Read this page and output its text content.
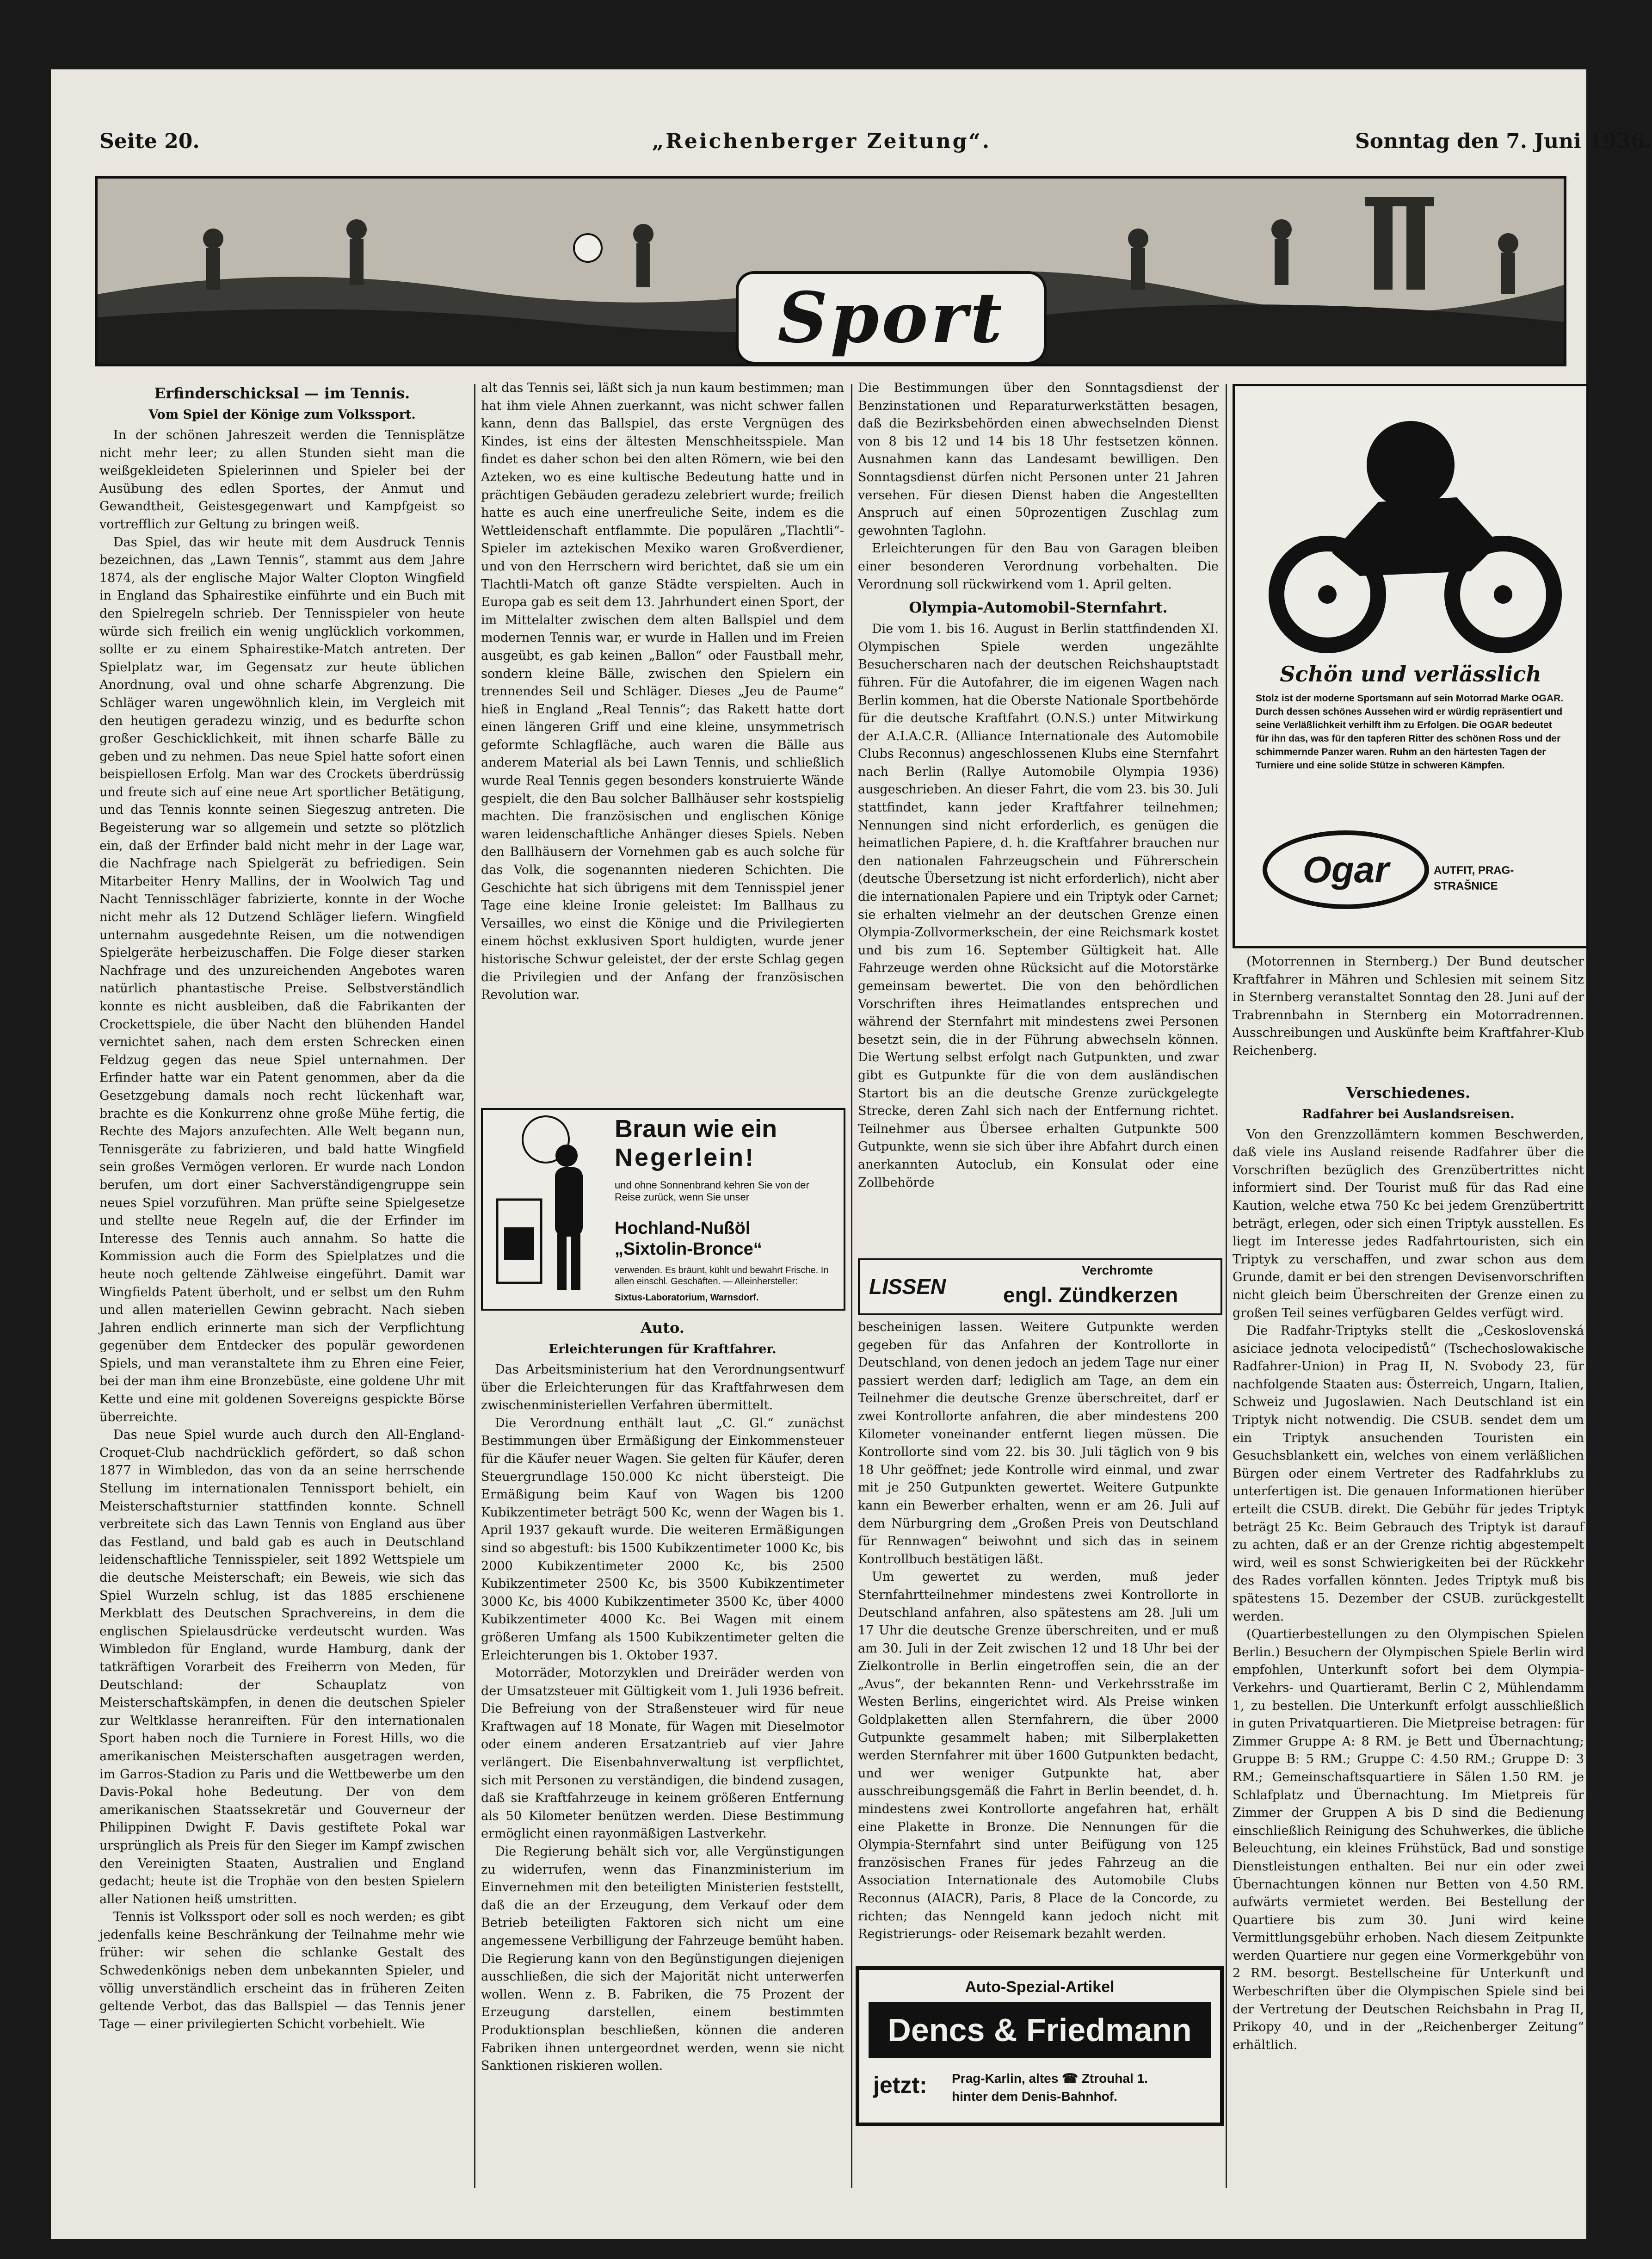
Seite 20.	„Reichenberger Zeitung“.	Sonntag den 7. Juni 1936.
Sport
Erfinderschicksal — im Tennis.
Vom Spiel der Könige zum Volkssport.

In der schönen Jahreszeit werden die Tennisplätze nicht mehr leer; zu allen Stunden sieht man die weißgekleideten Spielerinnen und Spieler bei der Ausübung des edlen Sportes, der Anmut und Gewandtheit, Geistesgegenwart und Kampfgeist so vortrefflich zur Geltung zu bringen weiß.

Das Spiel, das wir heute mit dem Ausdruck Tennis bezeichnen, das „Lawn Tennis“, stammt aus dem Jahre 1874, als der englische Major Walter Clopton Wingfield in England das Sphairestike einführte und ein Buch mit den Spielregeln schrieb. Der Tennisspieler von heute würde sich freilich ein wenig unglücklich vorkommen, sollte er zu einem Sphairestike-Match antreten. Der Spielplatz war, im Gegensatz zur heute üblichen Anordnung, oval und ohne scharfe Abgrenzung. Die Schläger waren ungewöhnlich klein, im Vergleich mit den heutigen geradezu winzig, und es bedurfte schon großer Geschicklichkeit, mit ihnen scharfe Bälle zu geben und zu nehmen. Das neue Spiel hatte sofort einen beispiellosen Erfolg. Man war des Crockets überdrüssig und freute sich auf eine neue Art sportlicher Betätigung, und das Tennis konnte seinen Siegeszug antreten. Die Begeisterung war so allgemein und setzte so plötzlich ein, daß der Erfinder bald nicht mehr in der Lage war, die Nachfrage nach Spielgerät zu befriedigen. Sein Mitarbeiter Henry Mallins, der in Woolwich Tag und Nacht Tennisschläger fabrizierte, konnte in der Woche nicht mehr als 12 Dutzend Schläger liefern. Wingfield unternahm ausgedehnte Reisen, um die notwendigen Spielgeräte herbeizuschaffen. Die Folge dieser starken Nachfrage und des unzureichenden Angebotes waren natürlich phantastische Preise. Selbstverständlich konnte es nicht ausbleiben, daß die Fabrikanten der Crockettspiele, die über Nacht den blühenden Handel vernichtet sahen, nach dem ersten Schrecken einen Feldzug gegen das neue Spiel unternahmen. Der Erfinder hatte war ein Patent genommen, aber da die Gesetzgebung damals noch recht lückenhaft war, brachte es die Konkurrenz ohne große Mühe fertig, die Rechte des Majors anzufechten. Alle Welt begann nun, Tennisgeräte zu fabrizieren, und bald hatte Wingfield sein großes Vermögen verloren. Er wurde nach London berufen, um dort einer Sachverständigengruppe sein neues Spiel vorzuführen. Man prüfte seine Spielgesetze und stellte neue Regeln auf, die der Erfinder im Interesse des Tennis auch annahm. So hatte die Kommission auch die Form des Spielplatzes und die heute noch geltende Zählweise eingeführt. Damit war Wingfields Patent überholt, und er selbst um den Ruhm und allen materiellen Gewinn gebracht. Nach sieben Jahren endlich erinnerte man sich der Verpflichtung gegenüber dem Entdecker des populär gewordenen Spiels, und man veranstaltete ihm zu Ehren eine Feier, bei der man ihm eine Bronzebüste, eine goldene Uhr mit Kette und eine mit goldenen Sovereigns gespickte Börse überreichte.

Das neue Spiel wurde auch durch den All-England-Croquet-Club nachdrücklich gefördert, so daß schon 1877 in Wimbledon, das von da an seine herrschende Stellung im internationalen Tennissport behielt, ein Meisterschaftsturnier stattfinden konnte. Schnell verbreitete sich das Lawn Tennis von England aus über das Festland, und bald gab es auch in Deutschland leidenschaftliche Tennisspieler, seit 1892 Wettspiele um die deutsche Meisterschaft; ein Beweis, wie sich das Spiel Wurzeln schlug, ist das 1885 erschienene Merkblatt des Deutschen Sprachvereins, in dem die englischen Spielausdrücke verdeutscht wurden. Was Wimbledon für England, wurde Hamburg, dank der tatkräftigen Vorarbeit des Freiherrn von Meden, für Deutschland: der Schauplatz von Meisterschaftskämpfen, in denen die deutschen Spieler zur Weltklasse heranreiften. Für den internationalen Sport haben noch die Turniere in Forest Hills, wo die amerikanischen Meisterschaften ausgetragen werden, im Garros-Stadion zu Paris und die Wettbewerbe um den Davis-Pokal hohe Bedeutung. Der von dem amerikanischen Staatssekretär und Gouverneur der Philippinen Dwight F. Davis gestiftete Pokal war ursprünglich als Preis für den Sieger im Kampf zwischen den Vereinigten Staaten, Australien und England gedacht; heute ist die Trophäe von den besten Spielern aller Nationen heiß umstritten.

Tennis ist Volkssport oder soll es noch werden; es gibt jedenfalls keine Beschränkung der Teilnahme mehr wie früher: wir sehen die schlanke Gestalt des Schwedenkönigs neben dem unbekannten Spieler, und völlig unverständlich erscheint das in früheren Zeiten geltende Verbot, das das Ballspiel — das Tennis jener Tage — einer privilegierten Schicht vorbehielt. Wie

alt das Tennis sei, läßt sich ja nun kaum bestimmen; man hat ihm viele Ahnen zuerkannt, was nicht schwer fallen kann, denn das Ballspiel, das erste Vergnügen des Kindes, ist eins der ältesten Menschheitsspiele. Man findet es daher schon bei den alten Römern, wie bei den Azteken, wo es eine kultische Bedeutung hatte und in prächtigen Gebäuden geradezu zelebriert wurde; freilich hatte es auch eine unerfreuliche Seite, indem es die Wettleidenschaft entflammte. Die populären „Tlachtli“-Spieler im aztekischen Mexiko waren Großverdiener, und von den Herrschern wird berichtet, daß sie um ein Tlachtli-Match oft ganze Städte verspielten. Auch in Europa gab es seit dem 13. Jahrhundert einen Sport, der im Mittelalter zwischen dem alten Ballspiel und dem modernen Tennis war, er wurde in Hallen und im Freien ausgeübt, es gab keinen „Ballon“ oder Faustball mehr, sondern kleine Bälle, zwischen den Spielern ein trennendes Seil und Schläger. Dieses „Jeu de Paume“ hieß in England „Real Tennis“; das Rakett hatte dort einen längeren Griff und eine kleine, unsymmetrisch geformte Schlagfläche, auch waren die Bälle aus anderem Material als bei Lawn Tennis, und schließlich wurde Real Tennis gegen besonders konstruierte Wände gespielt, die den Bau solcher Ballhäuser sehr kostspielig machten. Die französischen und englischen Könige waren leidenschaftliche Anhänger dieses Spiels. Neben den Ballhäusern der Vornehmen gab es auch solche für das Volk, die sogenannten niederen Schichten. Die Geschichte hat sich übrigens mit dem Tennisspiel jener Tage eine kleine Ironie geleistet: Im Ballhaus zu Versailles, wo einst die Könige und die Privilegierten einem höchst exklusiven Sport huldigten, wurde jener historische Schwur geleistet, der der erste Schlag gegen die Privilegien und der Anfang der französischen Revolution war.

Braun wie ein
Negerlein!
und ohne Sonnenbrand kehren Sie von der Reise zurück, wenn Sie unser
Hochland-Nußöl
„Sixtolin-Bronce“
verwenden. Es bräunt, kühlt und bewahrt Frische. In allen einschl. Geschäften. — Alleinhersteller:
Sixtus-Laboratorium, Warnsdorf.
Auto.
Erleichterungen für Kraftfahrer.

Das Arbeitsministerium hat den Verordnungsentwurf über die Erleichterungen für das Kraftfahrwesen dem zwischenministeriellen Verfahren übermittelt.

Die Verordnung enthält laut „C. Gl.“ zunächst Bestimmungen über Ermäßigung der Einkommensteuer für die Käufer neuer Wagen. Sie gelten für Käufer, deren Steuergrundlage 150.000 Kc nicht übersteigt. Die Ermäßigung beim Kauf von Wagen bis 1200 Kubikzentimeter beträgt 500 Kc, wenn der Wagen bis 1. April 1937 gekauft wurde. Die weiteren Ermäßigungen sind so abgestuft: bis 1500 Kubikzentimeter 1000 Kc, bis 2000 Kubikzentimeter 2000 Kc, bis 2500 Kubikzentimeter 2500 Kc, bis 3500 Kubikzentimeter 3000 Kc, bis 4000 Kubikzentimeter 3500 Kc, über 4000 Kubikzentimeter 4000 Kc. Bei Wagen mit einem größeren Umfang als 1500 Kubikzentimeter gelten die Erleichterungen bis 1. Oktober 1937.

Motorräder, Motorzyklen und Dreiräder werden von der Umsatzsteuer mit Gültigkeit vom 1. Juli 1936 befreit. Die Befreiung von der Straßensteuer wird für neue Kraftwagen auf 18 Monate, für Wagen mit Dieselmotor oder einem anderen Ersatzantrieb auf vier Jahre verlängert. Die Eisenbahnverwaltung ist verpflichtet, sich mit Personen zu verständigen, die bindend zusagen, daß sie Kraftfahrzeuge in keinem größeren Entfernung als 50 Kilometer benützen werden. Diese Bestimmung ermöglicht einen rayonmäßigen Lastverkehr.

Die Regierung behält sich vor, alle Vergünstigungen zu widerrufen, wenn das Finanzministerium im Einvernehmen mit den beteiligten Ministerien feststellt, daß die an der Erzeugung, dem Verkauf oder dem Betrieb beteiligten Faktoren sich nicht um eine angemessene Verbilligung der Fahrzeuge bemüht haben. Die Regierung kann von den Begünstigungen diejenigen ausschließen, die sich der Majorität nicht unterwerfen wollen. Wenn z. B. Fabriken, die 75 Prozent der Erzeugung darstellen, einem bestimmten Produktionsplan beschließen, können die anderen Fabriken ihnen untergeordnet werden, wenn sie nicht Sanktionen riskieren wollen.

Die Bestimmungen über den Sonntagsdienst der Benzinstationen und Reparaturwerkstätten besagen, daß die Bezirksbehörden einen abwechselnden Dienst von 8 bis 12 und 14 bis 18 Uhr festsetzen können. Ausnahmen kann das Landesamt bewilligen. Den Sonntagsdienst dürfen nicht Personen unter 21 Jahren versehen. Für diesen Dienst haben die Angestellten Anspruch auf einen 50prozentigen Zuschlag zum gewohnten Taglohn.

Erleichterungen für den Bau von Garagen bleiben einer besonderen Verordnung vorbehalten. Die Verordnung soll rückwirkend vom 1. April gelten.

Olympia-Automobil-Sternfahrt.

Die vom 1. bis 16. August in Berlin stattfindenden XI. Olympischen Spiele werden ungezählte Besucherscharen nach der deutschen Reichshauptstadt führen. Für die Autofahrer, die im eigenen Wagen nach Berlin kommen, hat die Oberste Nationale Sportbehörde für die deutsche Kraftfahrt (O.N.S.) unter Mitwirkung der A.I.A.C.R. (Alliance Internationale des Automobile Clubs Reconnus) angeschlossenen Klubs eine Sternfahrt nach Berlin (Rallye Automobile Olympia 1936) ausgeschrieben. An dieser Fahrt, die vom 23. bis 30. Juli stattfindet, kann jeder Kraftfahrer teilnehmen; Nennungen sind nicht erforderlich, es genügen die heimatlichen Papiere, d. h. die Kraftfahrer brauchen nur den nationalen Fahrzeugschein und Führerschein (deutsche Übersetzung ist nicht erforderlich), nicht aber die internationalen Papiere und ein Triptyk oder Carnet; sie erhalten vielmehr an der deutschen Grenze einen Olympia-Zollvormerkschein, der eine Reichsmark kostet und bis zum 16. September Gültigkeit hat. Alle Fahrzeuge werden ohne Rücksicht auf die Motorstärke gemeinsam bewertet. Die von den behördlichen Vorschriften ihres Heimatlandes entsprechen und während der Sternfahrt mit mindestens zwei Personen besetzt sein, die in der Führung abwechseln können. Die Wertung selbst erfolgt nach Gutpunkten, und zwar gibt es Gutpunkte für die von dem ausländischen Startort bis an die deutsche Grenze zurückgelegte Strecke, deren Zahl sich nach der Entfernung richtet. Teilnehmer aus Übersee erhalten Gutpunkte 500 Gutpunkte, wenn sie sich über ihre Abfahrt durch einen anerkannten Autoclub, ein Konsulat oder eine Zollbehörde

LISSEN
Verchromte
engl. Zündkerzen

bescheinigen lassen. Weitere Gutpunkte werden gegeben für das Anfahren der Kontrollorte in Deutschland, von denen jedoch an jedem Tage nur einer passiert werden darf; lediglich am Tage, an dem ein Teilnehmer die deutsche Grenze überschreitet, darf er zwei Kontrollorte anfahren, die aber mindestens 200 Kilometer voneinander entfernt liegen müssen. Die Kontrollorte sind vom 22. bis 30. Juli täglich von 9 bis 18 Uhr geöffnet; jede Kontrolle wird einmal, und zwar mit je 250 Gutpunkten gewertet. Weitere Gutpunkte kann ein Bewerber erhalten, wenn er am 26. Juli auf dem Nürburgring dem „Großen Preis von Deutschland für Rennwagen“ beiwohnt und sich das in seinem Kontrollbuch bestätigen läßt.

Um gewertet zu werden, muß jeder Sternfahrtteilnehmer mindestens zwei Kontrollorte in Deutschland anfahren, also spätestens am 28. Juli um 17 Uhr die deutsche Grenze überschreiten, und er muß am 30. Juli in der Zeit zwischen 12 und 18 Uhr bei der Zielkontrolle in Berlin eingetroffen sein, die an der „Avus“, der bekannten Renn- und Verkehrsstraße im Westen Berlins, eingerichtet wird. Als Preise winken Goldplaketten allen Sternfahrern, die über 2000 Gutpunkte gesammelt haben; mit Silberplaketten werden Sternfahrer mit über 1600 Gutpunkten bedacht, und wer weniger Gutpunkte hat, aber ausschreibungsgemäß die Fahrt in Berlin beendet, d. h. mindestens zwei Kontrollorte angefahren hat, erhält eine Plakette in Bronze. Die Nennungen für die Olympia-Sternfahrt sind unter Beifügung von 125 französischen Franes für jedes Fahrzeug an die Association Internationale des Automobile Clubs Reconnus (AIACR), Paris, 8 Place de la Concorde, zu richten; das Nenngeld kann jedoch nicht mit Registrierungs- oder Reisemark bezahlt werden.

Auto-Spezial-Artikel
Dencs & Friedmann
jetzt: Prag-Karlin, altes ☎ Ztrouhal 1.
hinter dem Denis-Bahnhof.
Schön und verlässlich
Stolz ist der moderne Sportsmann auf sein Motorrad Marke OGAR. Durch dessen schönes Aussehen wird er würdig repräsentiert und seine Verläßlichkeit verhilft ihm zu Erfolgen. Die OGAR bedeutet für ihn das, was für den tapferen Ritter des schönen Ross und der schimmernde Panzer waren. Ruhm an den härtesten Tagen der Turniere und eine solide Stütze in schweren Kämpfen.
Ogar	AUTFIT, PRAG-STRAŠNICE

(Motorrennen in Sternberg.) Der Bund deutscher Kraftfahrer in Mähren und Schlesien mit seinem Sitz in Sternberg veranstaltet Sonntag den 28. Juni auf der Trabrennbahn in Sternberg ein Motorradrennen. Ausschreibungen und Auskünfte beim Kraftfahrer-Klub Reichenberg.

Verschiedenes.
Radfahrer bei Auslandsreisen.

Von den Grenzzollämtern kommen Beschwerden, daß viele ins Ausland reisende Radfahrer über die Vorschriften bezüglich des Grenzübertrittes nicht informiert sind. Der Tourist muß für das Rad eine Kaution, welche etwa 750 Kc bei jedem Grenzübertritt beträgt, erlegen, oder sich einen Triptyk ausstellen. Es liegt im Interesse jedes Radfahrtouristen, sich ein Triptyk zu verschaffen, und zwar schon aus dem Grunde, damit er bei den strengen Devisenvorschriften nicht gleich beim Überschreiten der Grenze einen zu großen Teil seines verfügbaren Geldes verfügt wird.

Die Radfahr-Triptyks stellt die „Ceskoslovenská asiciace jednota velocipedistů“ (Tschechoslowakische Radfahrer-Union) in Prag II, N. Svobody 23, für nachfolgende Staaten aus: Österreich, Ungarn, Italien, Schweiz und Jugoslawien. Nach Deutschland ist ein Triptyk nicht notwendig. Die CSUB. sendet dem um ein Triptyk ansuchenden Touristen ein Gesuchsblankett ein, welches von einem verläßlichen Bürgen oder einem Vertreter des Radfahrklubs zu unterfertigen ist. Die genauen Informationen hierüber erteilt die CSUB. direkt. Die Gebühr für jedes Triptyk beträgt 25 Kc. Beim Gebrauch des Triptyk ist darauf zu achten, daß er an der Grenze richtig abgestempelt wird, weil es sonst Schwierigkeiten bei der Rückkehr des Rades vorfallen könnten. Jedes Triptyk muß bis spätestens 15. Dezember der CSUB. zurückgestellt werden.

(Quartierbestellungen zu den Olympischen Spielen Berlin.) Besuchern der Olympischen Spiele Berlin wird empfohlen, Unterkunft sofort bei dem Olympia-Verkehrs- und Quartieramt, Berlin C 2, Mühlendamm 1, zu bestellen. Die Unterkunft erfolgt ausschließlich in guten Privatquartieren. Die Mietpreise betragen: für Zimmer Gruppe A: 8 RM. je Bett und Übernachtung; Gruppe B: 5 RM.; Gruppe C: 4.50 RM.; Gruppe D: 3 RM.; Gemeinschaftsquartiere in Sälen 1.50 RM. je Schlafplatz und Übernachtung. Im Mietpreis für Zimmer der Gruppen A bis D sind die Bedienung einschließlich Reinigung des Schuhwerkes, die übliche Beleuchtung, ein kleines Frühstück, Bad und sonstige Dienstleistungen enthalten. Bei nur ein oder zwei Übernachtungen können nur Betten von 4.50 RM. aufwärts vermietet werden. Bei Bestellung der Quartiere bis zum 30. Juni wird keine Vermittlungsgebühr erhoben. Nach diesem Zeitpunkte werden Quartiere nur gegen eine Vormerkgebühr von 2 RM. besorgt. Bestellscheine für Unterkunft und Werbeschriften über die Olympischen Spiele sind bei der Vertretung der Deutschen Reichsbahn in Prag II, Prikopy 40, und in der „Reichenberger Zeitung“ erhältlich.
